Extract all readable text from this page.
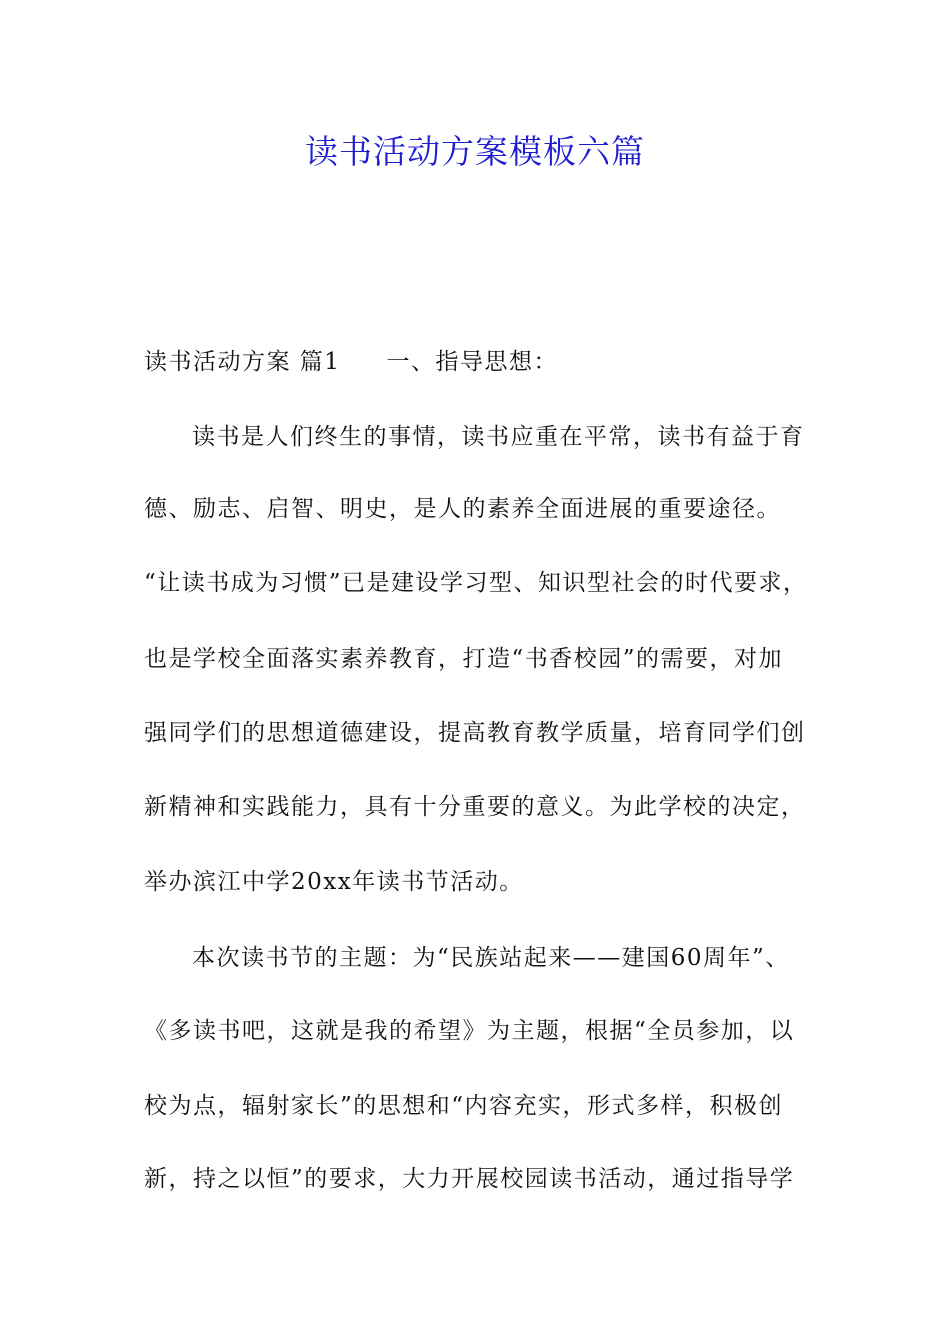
读书活动方案模板六篇
读书活动方案 篇1 一、指导思想：
读书是人们终生的事情，读书应重在平常，读书有益于育
德、励志、启智、明史，是人的素养全面进展的重要途径。
“让读书成为习惯”已是建设学习型、知识型社会的时代要求，
也是学校全面落实素养教育，打造“书香校园”的需要，对加
强同学们的思想道德建设，提高教育教学质量，培育同学们创
新精神和实践能力，具有十分重要的意义。为此学校的决定，
举办滨江中学20xx年读书节活动。
本次读书节的主题：为“民族站起来——建国60周年”、
《多读书吧，这就是我的希望》为主题，根据“全员参加，以
校为点，辐射家长”的思想和“内容充实，形式多样，积极创
新，持之以恒”的要求，大力开展校园读书活动，通过指导学
